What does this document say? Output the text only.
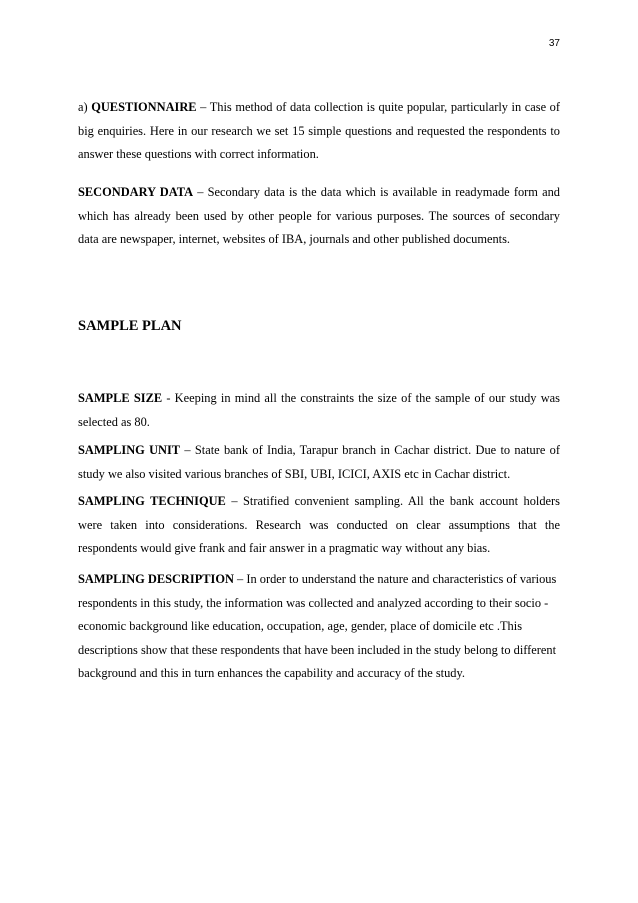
37

a) QUESTIONNAIRE – This method of data collection is quite popular, particularly in case of big enquiries. Here in our research we set 15 simple questions and requested the respondents to answer these questions with correct information.

SECONDARY DATA – Secondary data is the data which is available in readymade form and which has already been used by other people for various purposes. The sources of secondary data are newspaper, internet, websites of IBA, journals and other published documents.

SAMPLE PLAN

SAMPLE SIZE - Keeping in mind all the constraints the size of the sample of our study was selected as 80.

SAMPLING UNIT – State bank of India, Tarapur branch in Cachar district. Due to nature of study we also visited various branches of SBI, UBI, ICICI, AXIS etc in Cachar district.

SAMPLING TECHNIQUE – Stratified convenient sampling. All the bank account holders were taken into considerations. Research was conducted on clear assumptions that the respondents would give frank and fair answer in a pragmatic way without any bias.

SAMPLING DESCRIPTION – In order to understand the nature and characteristics of various respondents in this study, the information was collected and analyzed according to their socio - economic background like education, occupation, age, gender, place of domicile etc .This descriptions show that these respondents that have been included in the study belong to different background and this in turn enhances the capability and accuracy of the study.
